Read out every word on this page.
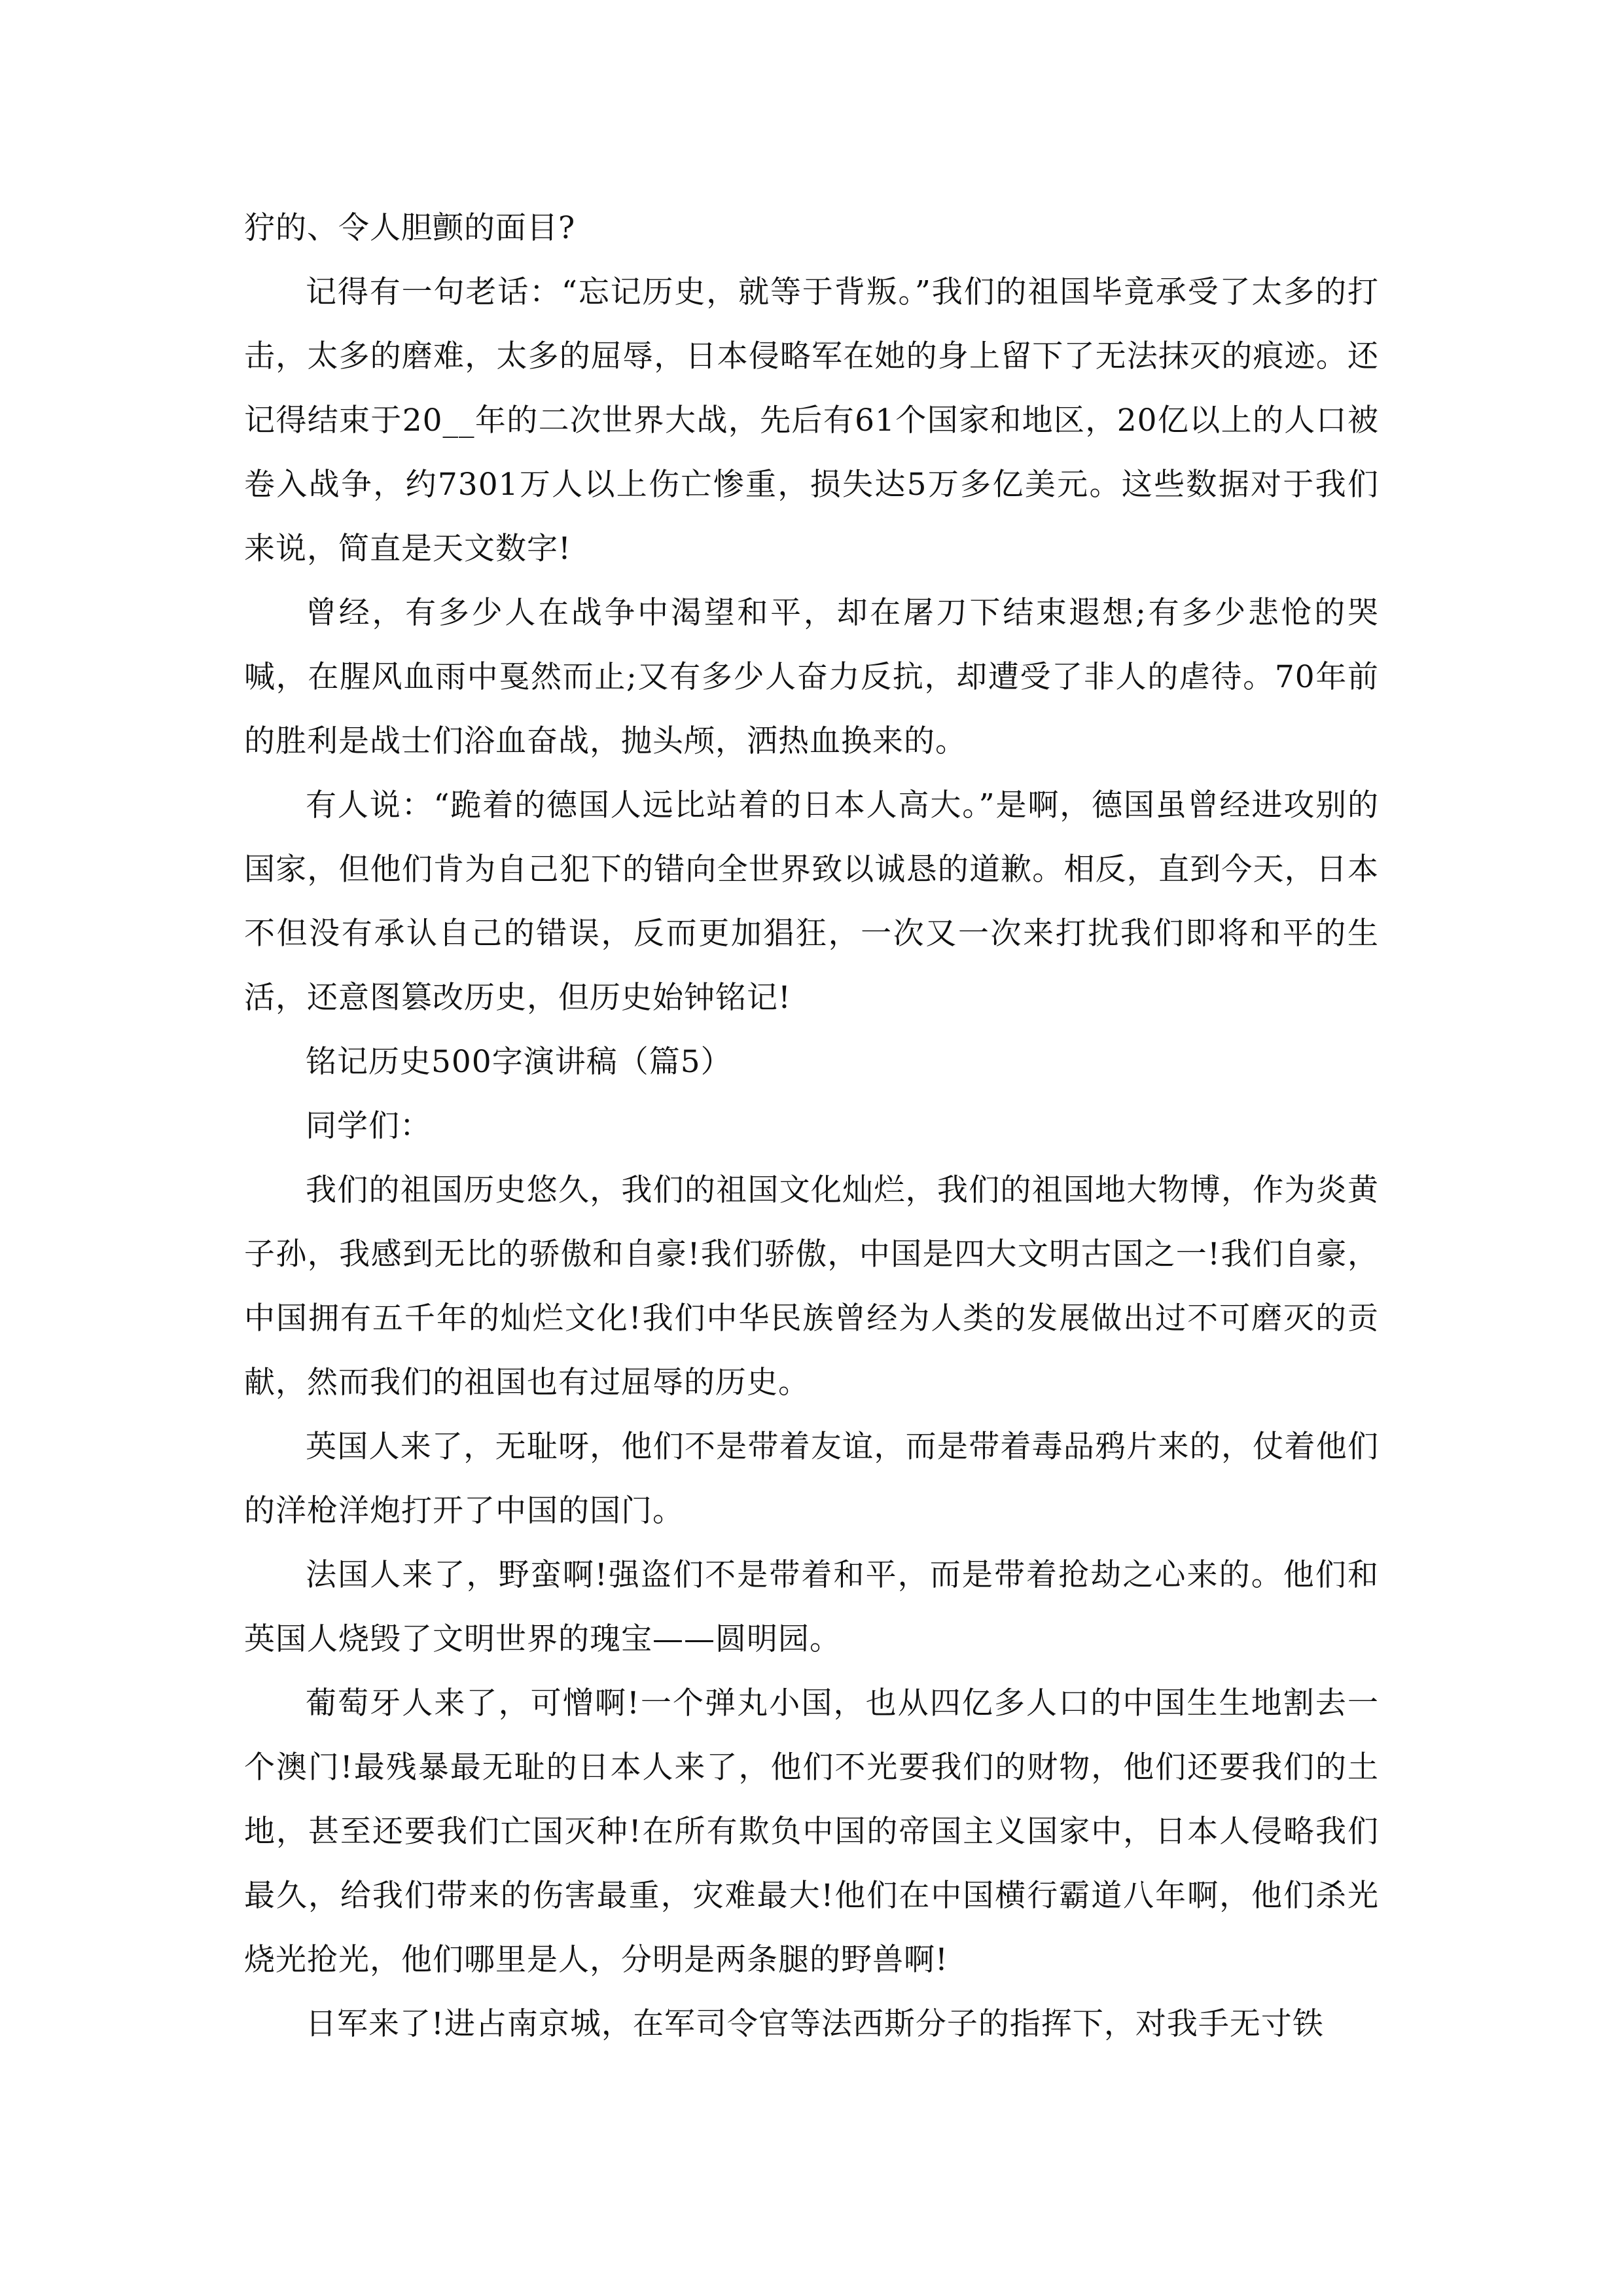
狞的、令人胆颤的面目?

记得有一句老话：“忘记历史，就等于背叛。”我们的祖国毕竟承受了太多的打击，太多的磨难，太多的屈辱，日本侵略军在她的身上留下了无法抹灭的痕迹。还记得结束于20__年的二次世界大战，先后有61个国家和地区，20亿以上的人口被卷入战争，约7301万人以上伤亡惨重，损失达5万多亿美元。这些数据对于我们来说，简直是天文数字!

曾经，有多少人在战争中渴望和平，却在屠刀下结束遐想;有多少悲怆的哭喊，在腥风血雨中戛然而止;又有多少人奋力反抗，却遭受了非人的虐待。70年前的胜利是战士们浴血奋战，抛头颅，洒热血换来的。

有人说：“跪着的德国人远比站着的日本人高大。”是啊，德国虽曾经进攻别的国家，但他们肯为自己犯下的错向全世界致以诚恳的道歉。相反，直到今天，日本不但没有承认自己的错误，反而更加猖狂，一次又一次来打扰我们即将和平的生活，还意图篡改历史，但历史始钟铭记!

铭记历史500字演讲稿（篇5）

同学们：

我们的祖国历史悠久，我们的祖国文化灿烂，我们的祖国地大物博，作为炎黄子孙，我感到无比的骄傲和自豪!我们骄傲，中国是四大文明古国之一!我们自豪，中国拥有五千年的灿烂文化!我们中华民族曾经为人类的发展做出过不可磨灭的贡献，然而我们的祖国也有过屈辱的历史。

英国人来了，无耻呀，他们不是带着友谊，而是带着毒品鸦片来的，仗着他们的洋枪洋炮打开了中国的国门。

法国人来了，野蛮啊!强盗们不是带着和平，而是带着抢劫之心来的。他们和英国人烧毁了文明世界的瑰宝——圆明园。

葡萄牙人来了，可憎啊!一个弹丸小国，也从四亿多人口的中国生生地割去一个澳门!最残暴最无耻的日本人来了，他们不光要我们的财物，他们还要我们的土地，甚至还要我们亡国灭种!在所有欺负中国的帝国主义国家中，日本人侵略我们最久，给我们带来的伤害最重，灾难最大!他们在中国横行霸道八年啊，他们杀光烧光抢光，他们哪里是人，分明是两条腿的野兽啊!

日军来了!进占南京城，在军司令官等法西斯分子的指挥下，对我手无寸铁
